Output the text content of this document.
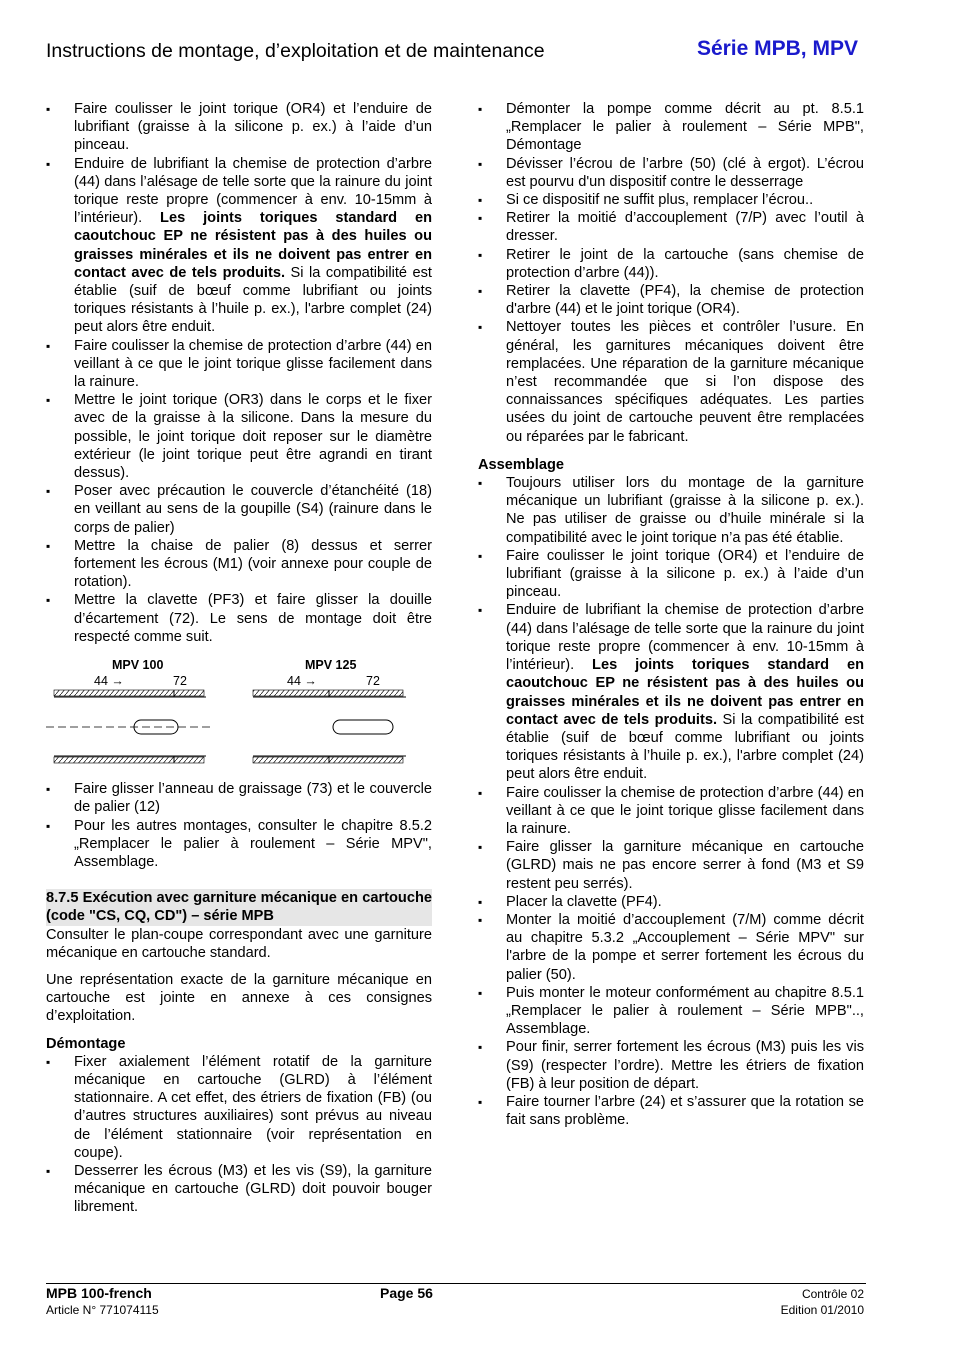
Instructions de montage, d’exploitation et de maintenance	Série MPB, MPV
▪ Faire coulisser le joint torique (OR4) et l’enduire de lubrifiant (graisse à la silicone p. ex.) à l’aide d’un pinceau.
▪ Enduire de lubrifiant la chemise de protection d’arbre (44) dans l’alésage de telle sorte que la rainure du joint torique reste propre (commencer à env. 10-15mm à l’intérieur). Les joints toriques standard en caoutchouc EP ne résistent pas à des huiles ou graisses minérales et ils ne doivent pas entrer en contact avec de tels produits. Si la compatibilité est établie (suif de bœuf comme lubrifiant ou joints toriques résistants à l’huile p. ex.), l'arbre complet (24) peut alors être enduit.
▪ Faire coulisser la chemise de protection d’arbre (44) en veillant à ce que le joint torique glisse facilement dans la rainure.
▪ Mettre le joint torique (OR3) dans le corps et le fixer avec de la graisse à la silicone. Dans la mesure du possible, le joint torique doit reposer sur le diamètre extérieur (le joint torique peut être agrandi en tirant dessus).
▪ Poser avec précaution le couvercle d’étanchéité (18) en veillant au sens de la goupille (S4) (rainure dans le corps de palier)
▪ Mettre la chaise de palier (8) dessus et serrer fortement les écrous (M1) (voir annexe pour couple de rotation).
▪ Mettre la clavette (PF3) et faire glisser la douille d’écartement (72). Le sens de montage doit être respecté comme suit.
MPV 100	MPV 125
44 →	72	44 →	72
▪ Faire glisser l’anneau de graissage (73) et le couvercle de palier (12)
▪ Pour les autres montages, consulter le chapitre 8.5.2 „Remplacer le palier à roulement – Série MPV", Assemblage.
8.7.5 Exécution avec garniture mécanique en cartouche (code "CS, CQ, CD") – série MPB

Consulter le plan-coupe correspondant avec une garniture mécanique en cartouche standard.

Une représentation exacte de la garniture mécanique en cartouche est jointe en annexe à ces consignes d’exploitation.

Démontage
▪ Fixer axialement l’élément rotatif de la garniture mécanique en cartouche (GLRD) à l’élément stationnaire. A cet effet, des étriers de fixation (FB) (ou d’autres structures auxiliaires) sont prévus au niveau de l’élément stationnaire (voir représentation en coupe).
▪ Desserrer les écrous (M3) et les vis (S9), la garniture mécanique en cartouche (GLRD) doit pouvoir bouger librement.
▪ Démonter la pompe comme décrit au pt. 8.5.1 „Remplacer le palier à roulement – Série MPB", Démontage
▪ Dévisser l’écrou de l’arbre (50) (clé à ergot). L’écrou est pourvu d'un dispositif contre le desserrage
▪ Si ce dispositif ne suffit plus, remplacer l’écrou..
▪ Retirer la moitié d’accouplement (7/P) avec l’outil à dresser.
▪ Retirer le joint de la cartouche (sans chemise de protection d’arbre (44)).
▪ Retirer la clavette (PF4), la chemise de protection d'arbre (44) et le joint torique (OR4).
▪ Nettoyer toutes les pièces et contrôler l’usure. En général, les garnitures mécaniques doivent être remplacées. Une réparation de la garniture mécanique n’est recommandée que si l’on dispose des connaissances spécifiques adéquates. Les parties usées du joint de cartouche peuvent être remplacées ou réparées par le fabricant.
Assemblage
▪ Toujours utiliser lors du montage de la garniture mécanique un lubrifiant (graisse à la silicone p. ex.). Ne pas utiliser de graisse ou d’huile minérale si la compatibilité avec le joint torique n’a pas été établie.
▪ Faire coulisser le joint torique (OR4) et l’enduire de lubrifiant (graisse à la silicone p. ex.) à l’aide d’un pinceau.
▪ Enduire de lubrifiant la chemise de protection d’arbre (44) dans l’alésage de telle sorte que la rainure du joint torique reste propre (commencer à env. 10-15mm à l’intérieur). Les joints toriques standard en caoutchouc EP ne résistent pas à des huiles ou graisses minérales et ils ne doivent pas entrer en contact avec de tels produits. Si la compatibilité est établie (suif de bœuf comme lubrifiant ou joints toriques résistants à l’huile p. ex.), l'arbre complet (24) peut alors être enduit.
▪ Faire coulisser la chemise de protection d’arbre (44) en veillant à ce que le joint torique glisse facilement dans la rainure.
▪ Faire glisser la garniture mécanique en cartouche (GLRD) mais ne pas encore serrer à fond (M3 et S9 restent peu serrés).
▪ Placer la clavette (PF4).
▪ Monter la moitié d’accouplement (7/M) comme décrit au chapitre 5.3.2 „Accouplement – Série MPV" sur l'arbre de la pompe et serrer fortement les écrous du palier (50).
▪ Puis monter le moteur conformément au chapitre 8.5.1 „Remplacer le palier à roulement – Série MPB".., Assemblage.
▪ Pour finir, serrer fortement les écrous (M3) puis les vis (S9) (respecter l’ordre). Mettre les étriers de fixation (FB) à leur position de départ.
▪ Faire tourner l’arbre (24) et s’assurer que la rotation se fait sans problème.
MPB 100-french
Article N° 771074115
Page 56	Contrôle 02
Edition 01/2010
